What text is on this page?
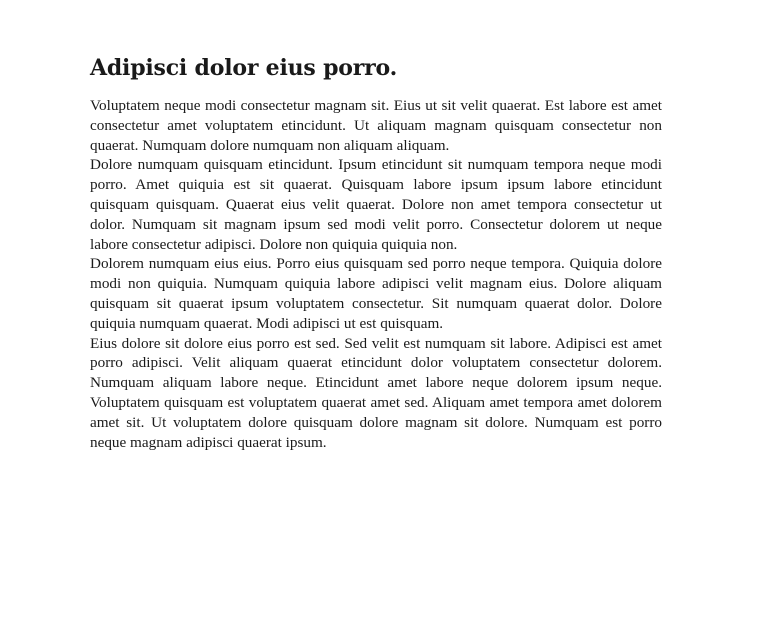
Adipisci dolor eius porro.

Voluptatem neque modi consectetur magnam sit. Eius ut sit velit quaerat. Est labore est amet consectetur amet voluptatem etincidunt. Ut aliquam magnam quisquam consectetur non quaerat. Numquam dolore numquam non aliquam aliquam.

Dolore numquam quisquam etincidunt. Ipsum etincidunt sit numquam tempora neque modi porro. Amet quiquia est sit quaerat. Quisquam labore ipsum ipsum labore etincidunt quisquam quisquam. Quaerat eius velit quaerat. Dolore non amet tempora consectetur ut dolor. Numquam sit magnam ipsum sed modi velit porro. Consectetur dolorem ut neque labore consectetur adipisci. Dolore non quiquia quiquia non.

Dolorem numquam eius eius. Porro eius quisquam sed porro neque tempora. Quiquia dolore modi non quiquia. Numquam quiquia labore adipisci velit magnam eius. Dolore aliquam quisquam sit quaerat ipsum voluptatem consectetur. Sit numquam quaerat dolor. Dolore quiquia numquam quaerat. Modi adipisci ut est quisquam.

Eius dolore sit dolore eius porro est sed. Sed velit est numquam sit labore. Adipisci est amet porro adipisci. Velit aliquam quaerat etincidunt dolor voluptatem consectetur dolorem. Numquam aliquam labore neque. Etincidunt amet labore neque dolorem ipsum neque. Voluptatem quisquam est voluptatem quaerat amet sed. Aliquam amet tempora amet dolorem amet sit. Ut voluptatem dolore quisquam dolore magnam sit dolore. Numquam est porro neque magnam adipisci quaerat ipsum.
